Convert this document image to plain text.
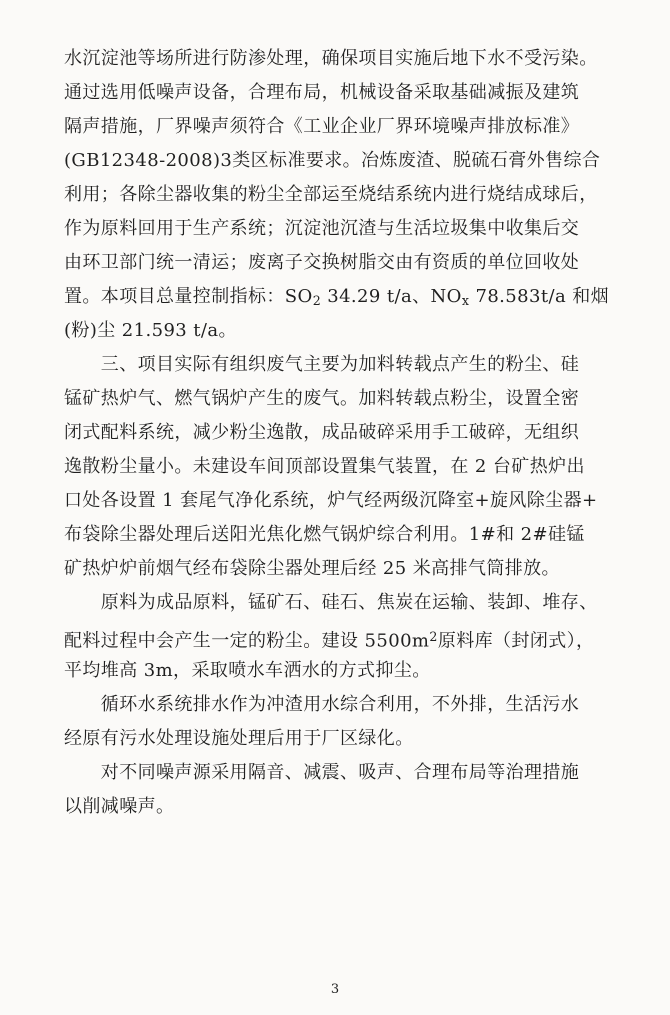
水沉淀池等场所进行防渗处理，确保项目实施后地下水不受污染。
通过选用低噪声设备，合理布局，机械设备采取基础减振及建筑
隔声措施，厂界噪声须符合《工业企业厂界环境噪声排放标准》
(GB12348-2008)3类区标准要求。冶炼废渣、脱硫石膏外售综合
利用；各除尘器收集的粉尘全部运至烧结系统内进行烧结成球后，
作为原料回用于生产系统；沉淀池沉渣与生活垃圾集中收集后交
由环卫部门统一清运；废离子交换树脂交由有资质的单位回收处
置。本项目总量控制指标：$SO_2$ 34.29 t/a、$NO_x$ 78.583t/a 和烟
(粉)尘 21.593 t/a。
　　三、项目实际有组织废气主要为加料转载点产生的粉尘、硅
锰矿热炉气、燃气锅炉产生的废气。加料转载点粉尘，设置全密
闭式配料系统，减少粉尘逸散，成品破碎采用手工破碎，无组织
逸散粉尘量小。未建设车间顶部设置集气装置，在 2 台矿热炉出
口处各设置 1 套尾气净化系统，炉气经两级沉降室+旋风除尘器+
布袋除尘器处理后送阳光焦化燃气锅炉综合利用。1#和 2#硅锰
矿热炉炉前烟气经布袋除尘器处理后经 25 米高排气筒排放。
　　原料为成品原料，锰矿石、硅石、焦炭在运输、装卸、堆存、
配料过程中会产生一定的粉尘。建设 $5500m^2$原料库（封闭式），
平均堆高 3m，采取喷水车洒水的方式抑尘。
　　循环水系统排水作为冲渣用水综合利用，不外排，生活污水
经原有污水处理设施处理后用于厂区绿化。
　　对不同噪声源采用隔音、减震、吸声、合理布局等治理措施
以削减噪声。
3
